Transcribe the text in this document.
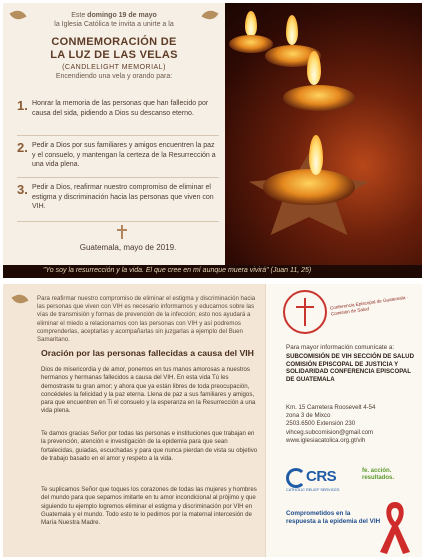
Este domingo 19 de mayo
la Iglesia Católica te invita a unirte a la
CONMEMORACIÓN DE
LA LUZ DE LAS VELAS
(CANDLELIGHT MEMORIAL)
Encendiendo una vela y orando para:
1. Honrar la memoria de las personas que han fallecido por causa del sida, pidiendo a Dios su descanso eterno.
2. Pedir a Dios por sus familiares y amigos encuentren la paz y el consuelo, y mantengan la certeza de la Resurrección a una vida plena.
3. Pedir a Dios, reafirmar nuestro compromiso de eliminar el estigma y discriminación hacia las personas que viven con VIH.
Guatemala, mayo de 2019.
"Yo soy la resurrección y la vida. El que cree en mí aunque muera vivirá" (Juan 11, 25)
Para reafirmar nuestro compromiso de eliminar el estigma y discriminación hacia las personas que viven con VIH es necesario informarnos y educarnos sobre las vías de transmisión y formas de prevención de la infección; esto nos ayudará a eliminar el miedo a relacionarnos con las personas con VIH y así podremos comprenderlas, aceptarlas y acompañarlas sin juzgarlas a ejemplo del Buen Samaritano.
Oración por las personas fallecidas a causa del VIH
Dios de misericordia y de amor, ponemos en tus manos amorosas a nuestros hermanos y hermanas fallecidos a causa del VIH. En esta vida Tú les demostraste tu gran amor; y ahora que ya están libres de toda preocupación, concédeles la felicidad y la paz eterna. Llena de paz a sus familiares y amigos, para que encuentren en Ti el consuelo y la esperanza en la Resurrección a una vida plena.
Te damos gracias Señor por todas las personas e instituciones que trabajan en la prevención, atención e investigación de la epidemia para que sean fortalecidas, guiadas, escuchadas y para que nunca pierdan de vista su objetivo de trabajo basado en el amor y respeto a la vida.
Te suplicamos Señor que toques los corazones de todas las mujeres y hombres del mundo para que sepamos imitarte en tu amor incondicional al prójimo y que siguiendo tu ejemplo logremos eliminar el estigma y discriminación por VIH en Guatemala y el mundo. Todo esto te lo pedimos por la maternal intercesión de María Nuestra Madre.
Conferencia Episcopal de Guatemala · Comisión de Salud
Para mayor información comunícate a:
SUBCOMISIÓN DE VIH SECCIÓN DE SALUD COMISIÓN EPISCOPAL DE JUSTICIA Y SOLIDARIDAD CONFERENCIA EPISCOPAL DE GUATEMALA
Km. 15 Carretera Roosevelt 4-54
zona 3 de Mixco
2503.6500 Extensión 230
vihceg.subcomision@gmail.com
www.iglesiacatolica.org.gt/vih
CRS
CATHOLIC RELIEF SERVICES
fe. acción. resultados.
Comprometidos en la respuesta a la epidemia del VIH
